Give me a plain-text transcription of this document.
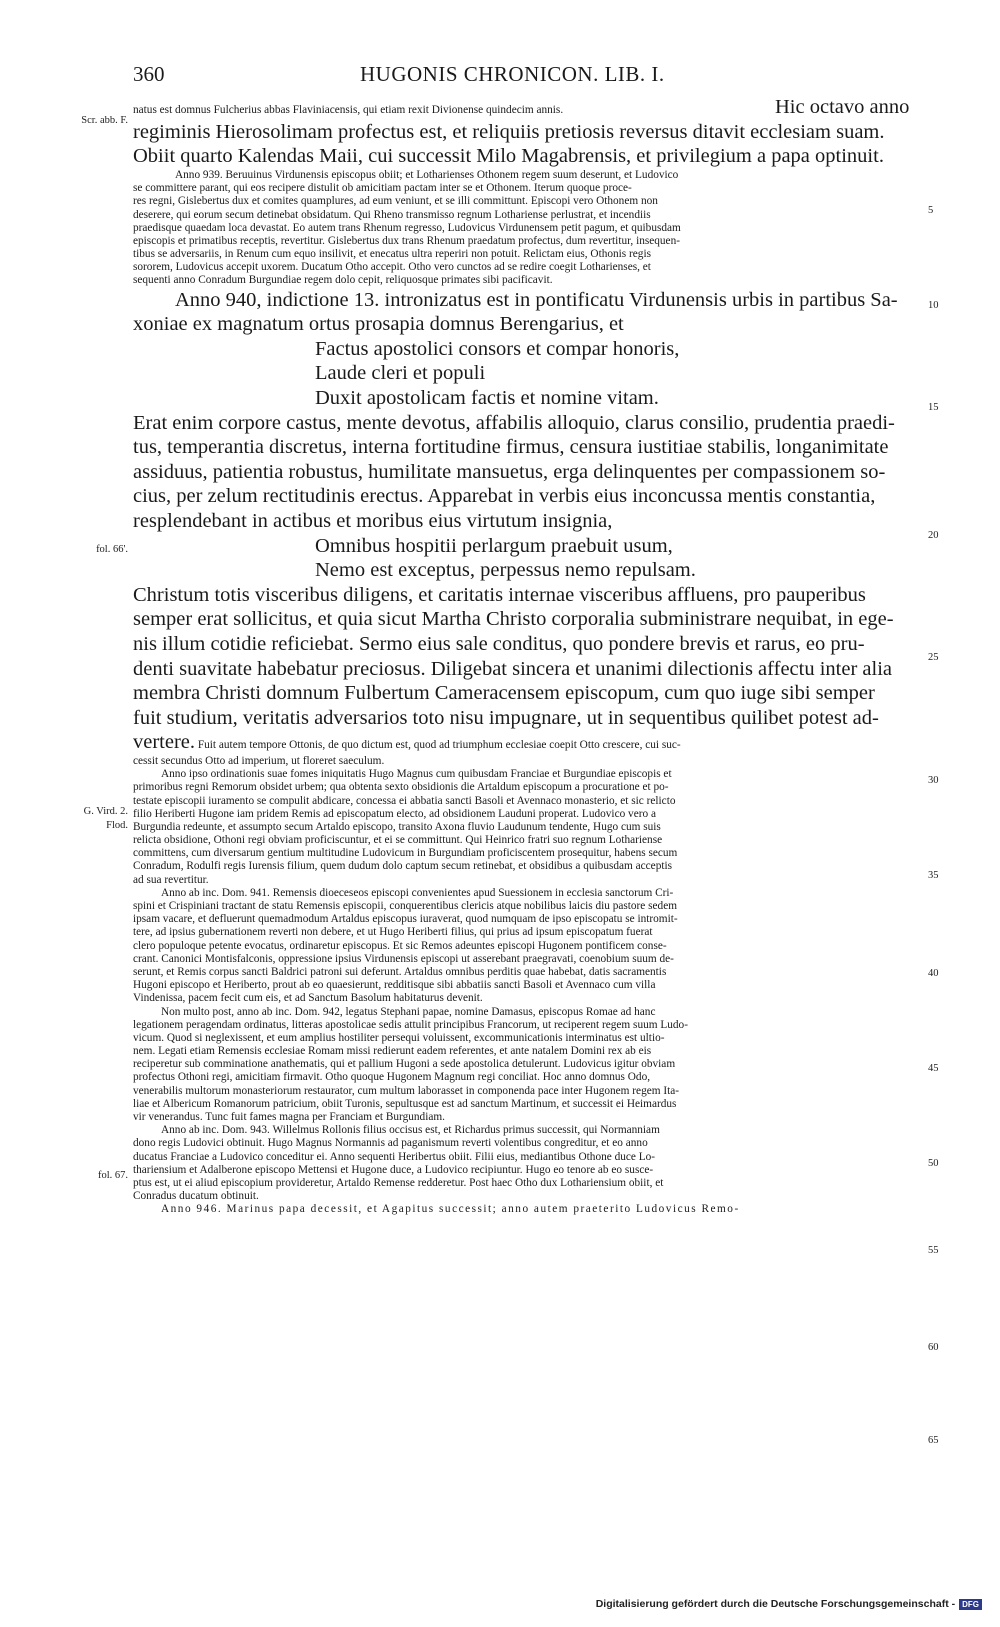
360	HUGONIS CHRONICON. LIB. I.
natus est domnus Fulcherius abbas Flaviniacensis, qui etiam rexit Divionense quindecim annis.	Hic octavo anno
regiminis Hierosolimam profectus est, et reliquiis pretiosis reversus ditavit ecclesiam suam.
Obiit quarto Kalendas Maii, cui successit Milo Magabrensis, et privilegium a papa optinuit.
Anno 939. Beruuinus Virdunensis episcopus obiit; et Lotharienses Othonem regem suum deserunt, et Ludovico
se committere parant, qui eos recipere distulit ob amicitiam pactam inter se et Othonem. Iterum quoque proce-
res regni, Gislebertus dux et comites quamplures, ad eum veniunt, et se illi committunt. Episcopi vero Othonem non
deserere, qui eorum secum detinebat obsidatum. Qui Rheno transmisso regnum Lothariense perlustrat, et incendiis
praedisque quaedam loca devastat. Eo autem trans Rhenum regresso, Ludovicus Virdunensem petit pagum, et quibusdam
episcopis et primatibus receptis, revertitur. Gislebertus dux trans Rhenum praedatum profectus, dum revertitur, insequen-
tibus se adversariis, in Renum cum equo insilivit, et enecatus ultra reperiri non potuit. Relictam eius, Othonis regis
sororem, Ludovicus accepit uxorem. Ducatum Otho accepit. Otho vero cunctos ad se redire coegit Lotharienses, et
sequenti anno Conradum Burgundiae regem dolo cepit, reliquosque primates sibi pacificavit.
Anno 940, indictione 13. intronizatus est in pontificatu Virdunensis urbis in partibus Sa-
xoniae ex magnatum ortus prosapia domnus Berengarius, et
Factus apostolici consors et compar honoris,
Laude cleri et populi
Duxit apostolicam factis et nomine vitam.
Erat enim corpore castus, mente devotus, affabilis alloquio, clarus consilio, prudentia praedi-
tus, temperantia discretus, interna fortitudine firmus, censura iustitiae stabilis, longanimitate
assiduus, patientia robustus, humilitate mansuetus, erga delinquentes per compassionem so-
cius, per zelum rectitudinis erectus. Apparebat in verbis eius inconcussa mentis constantia,
resplendebant in actibus et moribus eius virtutum insignia,
Omnibus hospitii perlargum praebuit usum,
Nemo est exceptus, perpessus nemo repulsam.
Christum totis visceribus diligens, et caritatis internae visceribus affluens, pro pauperibus
semper erat sollicitus, et quia sicut Martha Christo corporalia subministrare nequibat, in ege-
nis illum cotidie reficiebat. Sermo eius sale conditus, quo pondere brevis et rarus, eo pru-
denti suavitate habebatur preciosus. Diligebat sincera et unanimi dilectionis affectu inter alia
membra Christi domnum Fulbertum Cameracensem episcopum, cum quo iuge sibi semper
fuit studium, veritatis adversarios toto nisu impugnare, ut in sequentibus quilibet potest ad-
vertere. Fuit autem tempore Ottonis, de quo dictum est, quod ad triumphum ecclesiae coepit Otto crescere, cui suc-
cessit secundus Otto ad imperium, ut floreret saeculum.
Anno ipso ordinationis suae fomes iniquitatis Hugo Magnus cum quibusdam Franciae et Burgundiae episcopis et
primoribus regni Remorum obsidet urbem; qua obtenta sexto obsidionis die Artaldum episcopum a procuratione et po-
testate episcopii iuramento se compulit abdicare, concessa ei abbatia sancti Basoli et Avennaco monasterio, et sic relicto
filio Heriberti Hugone iam pridem Remis ad episcopatum electo, ad obsidionem Lauduni properat. Ludovico vero a
Burgundia redeunte, et assumpto secum Artaldo episcopo, transito Axona fluvio Laudunum tendente, Hugo cum suis
relicta obsidione, Othoni regi obviam proficiscuntur, et ei se committunt. Qui Heinrico fratri suo regnum Lothariense
committens, cum diversarum gentium multitudine Ludovicum in Burgundiam proficiscentem prosequitur, habens secum
Conradum, Rodulfi regis Iurensis filium, quem dudum dolo captum secum retinebat, et obsidibus a quibusdam acceptis
ad sua revertitur.
Anno ab inc. Dom. 941. Remensis dioeceseos episcopi convenientes apud Suessionem in ecclesia sanctorum Cri-
spini et Crispiniani tractant de statu Remensis episcopii, conquerentibus clericis atque nobilibus laicis diu pastore sedem
ipsam vacare, et defluerunt quemadmodum Artaldus episcopus iuraverat, quod numquam de ipso episcopatu se intromit-
tere, ad ipsius gubernationem reverti non debere, et ut Hugo Heriberti filius, qui prius ad ipsum episcopatum fuerat
clero populoque petente evocatus, ordinaretur episcopus. Et sic Remos adeuntes episcopi Hugonem pontificem conse-
crant. Canonici Montisfalconis, oppressione ipsius Virdunensis episcopi ut asserebant praegravati, coenobium suum de-
serunt, et Remis corpus sancti Baldrici patroni sui deferunt. Artaldus omnibus perditis quae habebat, datis sacramentis
Hugoni episcopo et Heriberto, prout ab eo quaesierunt, redditisque sibi abbatiis sancti Basoli et Avennaco cum villa
Vindenissa, pacem fecit cum eis, et ad Sanctum Basolum habitaturus devenit.
Non multo post, anno ab inc. Dom. 942, legatus Stephani papae, nomine Damasus, episcopus Romae ad hanc
legationem peragendam ordinatus, litteras apostolicae sedis attulit principibus Francorum, ut reciperent regem suum Ludo-
vicum. Quod si neglexissent, et eum amplius hostiliter persequi voluissent, excommunicationis interminatus est ultio-
nem. Legati etiam Remensis ecclesiae Romam missi redierunt eadem referentes, et ante natalem Domini rex ab eis
reciperetur sub comminatione anathematis, qui et pallium Hugoni a sede apostolica detulerunt. Ludovicus igitur obviam
profectus Othoni regi, amicitiam firmavit. Otho quoque Hugonem Magnum regi conciliat. Hoc anno domnus Odo,
venerabilis multorum monasteriorum restaurator, cum multum laborasset in componenda pace inter Hugonem regem Ita-
liae et Albericum Romanorum patricium, obiit Turonis, sepultusque est ad sanctum Martinum, et successit ei Heimardus
vir venerandus. Tunc fuit fames magna per Franciam et Burgundiam.
Anno ab inc. Dom. 943. Willelmus Rollonis filius occisus est, et Richardus primus successit, qui Normanniam
dono regis Ludovici obtinuit. Hugo Magnus Normannis ad paganismum reverti volentibus congreditur, et eo anno
ducatus Franciae a Ludovico conceditur ei. Anno sequenti Heribertus obiit. Filii eius, mediantibus Othone duce Lo-
thariensium et Adalberone episcopo Mettensi et Hugone duce, a Ludovico recipiuntur. Hugo eo tenore ab eo susce-
ptus est, ut ei aliud episcopium provideretur, Artaldo Remense redderetur. Post haec Otho dux Lothariensium obiit, et
Conradus ducatum obtinuit.
Anno 946. Marinus papa decessit, et Agapitus successit; anno autem praeterito Ludovicus Remo-
Scr. abb. F.
fol. 66'.
G. Vird. 2.
Flod.
fol. 67.
5
10
15
20
25
30
35
40
45
50
55
60
65
Digitalisierung gefördert durch die Deutsche Forschungsgemeinschaft - DFG
